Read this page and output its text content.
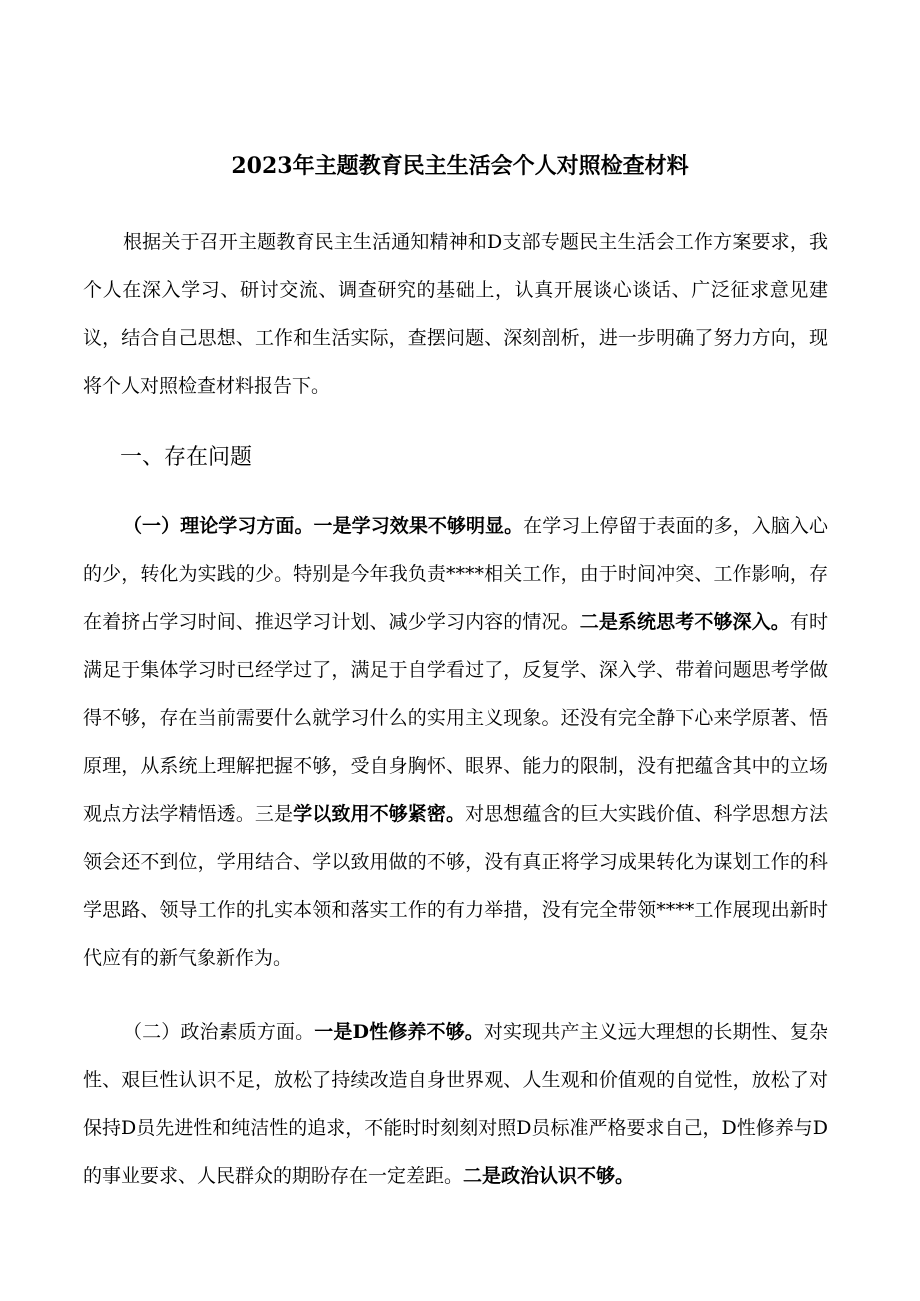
2023年主题教育民主生活会个人对照检查材料

根据关于召开主题教育民主生活通知精神和D支部专题民主生活会工作方案要求，我个人在深入学习、研讨交流、调查研究的基础上，认真开展谈心谈话、广泛征求意见建议，结合自己思想、工作和生活实际，查摆问题、深刻剖析，进一步明确了努力方向，现将个人对照检查材料报告下。

一、存在问题

（一）理论学习方面。一是学习效果不够明显。在学习上停留于表面的多，入脑入心的少，转化为实践的少。特别是今年我负责****相关工作，由于时间冲突、工作影响，存在着挤占学习时间、推迟学习计划、减少学习内容的情况。二是系统思考不够深入。有时满足于集体学习时已经学过了，满足于自学看过了，反复学、深入学、带着问题思考学做得不够，存在当前需要什么就学习什么的实用主义现象。还没有完全静下心来学原著、悟原理，从系统上理解把握不够，受自身胸怀、眼界、能力的限制，没有把蕴含其中的立场观点方法学精悟透。三是学以致用不够紧密。对思想蕴含的巨大实践价值、科学思想方法领会还不到位，学用结合、学以致用做的不够，没有真正将学习成果转化为谋划工作的科学思路、领导工作的扎实本领和落实工作的有力举措，没有完全带领****工作展现出新时代应有的新气象新作为。

（二）政治素质方面。一是D性修养不够。对实现共产主义远大理想的长期性、复杂性、艰巨性认识不足，放松了持续改造自身世界观、人生观和价值观的自觉性，放松了对保持D员先进性和纯洁性的追求，不能时时刻刻对照D员标准严格要求自己，D性修养与D的事业要求、人民群众的期盼存在一定差距。二是政治认识不够。
